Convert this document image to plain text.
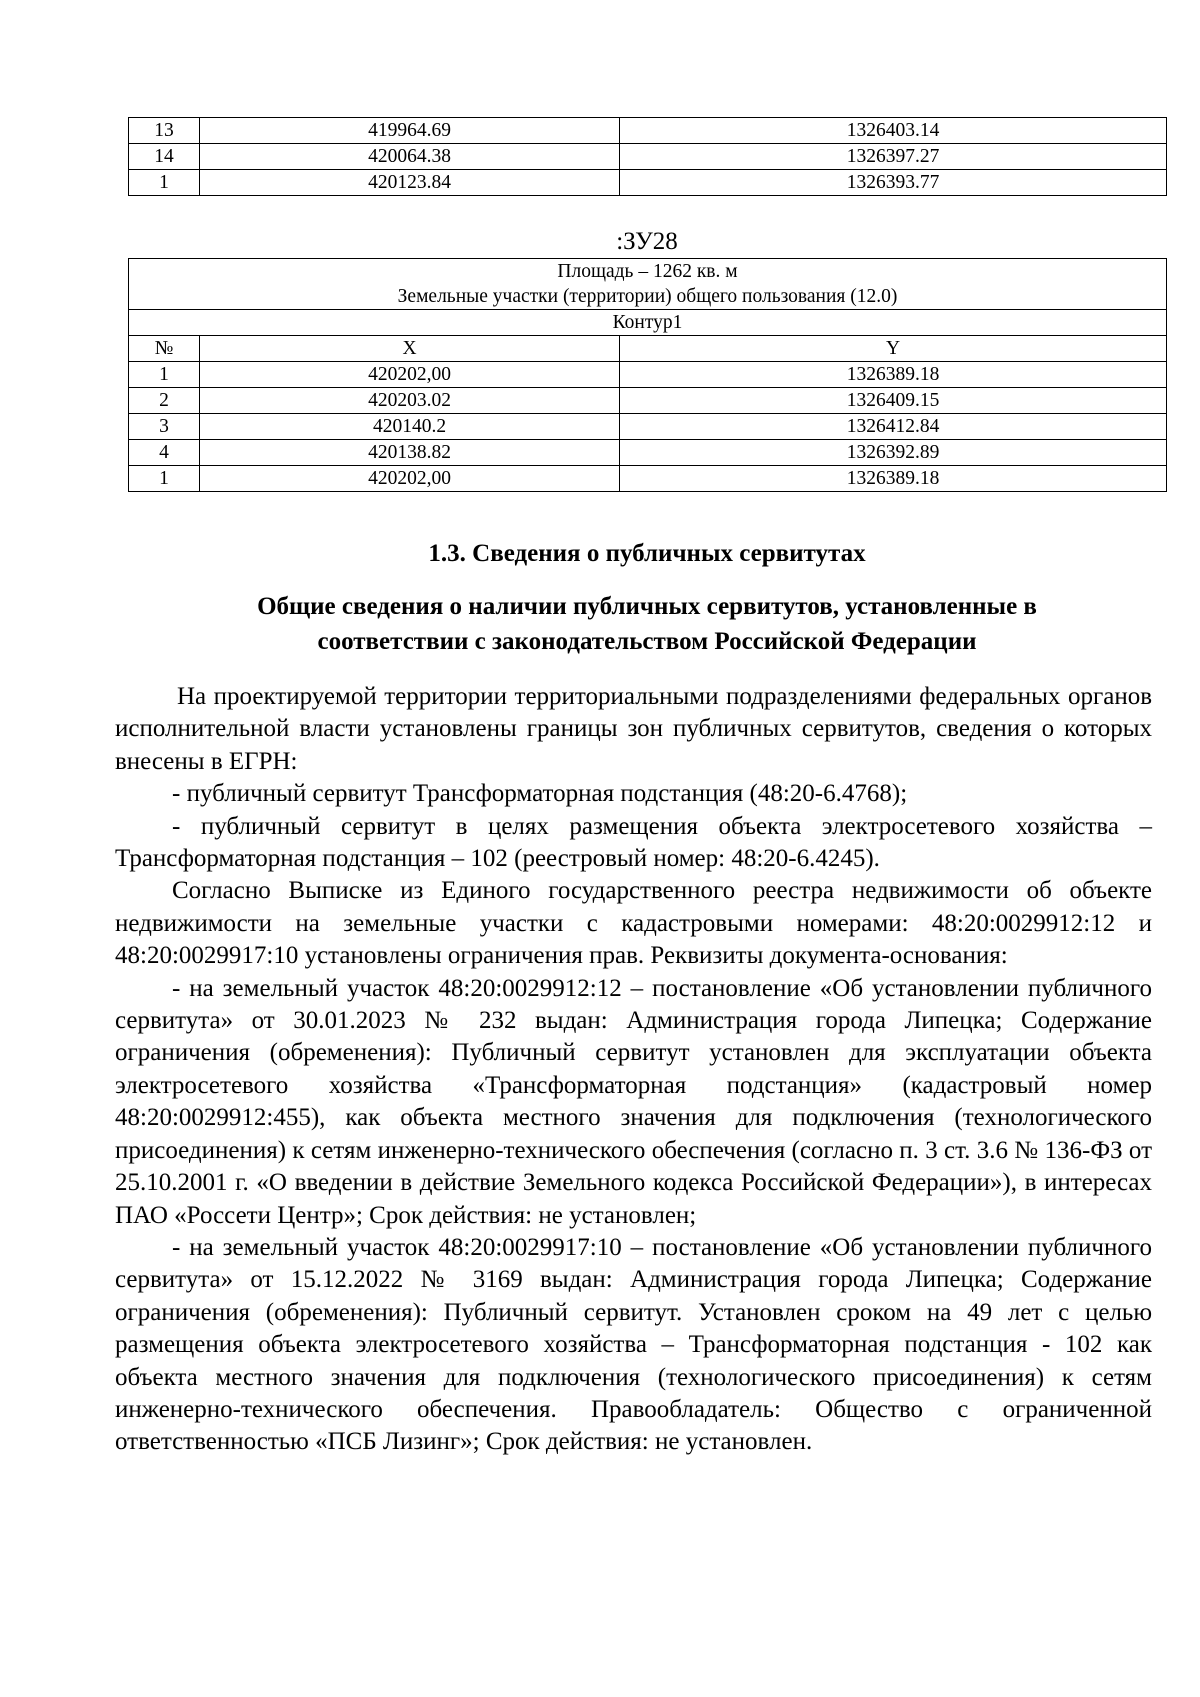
13	419964.69	1326403.14
14	420064.38	1326397.27
1	420123.84	1326393.77
:ЗУ28
Площадь – 1262 кв. м
Земельные участки (территории) общего пользования (12.0)		

Контур1		
№	X	Y
1	420202,00	1326389.18
2	420203.02	1326409.15
3	420140.2	1326412.84
4	420138.82	1326392.89
1	420202,00	1326389.18
1.3. Сведения о публичных сервитутах
Общие сведения о наличии публичных сервитутов, установленные в
соответствии с законодательством Российской Федерации

На проектируемой территории территориальными подразделениями федеральных органов исполнительной власти установлены границы зон публичных сервитутов, сведения о которых внесены в ЕГРН:

- публичный сервитут Трансформаторная подстанция (48:20-6.4768);

- публичный сервитут в целях размещения объекта электросетевого хозяйства – Трансформаторная подстанция – 102 (реестровый номер: 48:20-6.4245).

Согласно Выписке из Единого государственного реестра недвижимости об объекте недвижимости на земельные участки с кадастровыми номерами: 48:20:0029912:12 и 48:20:0029917:10 установлены ограничения прав. Реквизиты документа-основания:

- на земельный участок 48:20:0029912:12 – постановление «Об установлении публичного сервитута» от 30.01.2023 № 232 выдан: Администрация города Липецка; Содержание ограничения (обременения): Публичный сервитут установлен для эксплуатации объекта электросетевого хозяйства «Трансформаторная подстанция» (кадастровый номер 48:20:0029912:455), как объекта местного значения для подключения (технологического присоединения) к сетям инженерно-технического обеспечения (согласно п. 3 ст. 3.6 № 136-ФЗ от 25.10.2001 г. «О введении в действие Земельного кодекса Российской Федерации»), в интересах ПАО «Россети Центр»; Срок действия: не установлен;

- на земельный участок 48:20:0029917:10 – постановление «Об установлении публичного сервитута» от 15.12.2022 № 3169 выдан: Администрация города Липецка; Содержание ограничения (обременения): Публичный сервитут. Установлен сроком на 49 лет с целью размещения объекта электросетевого хозяйства – Трансформаторная подстанция - 102 как объекта местного значения для подключения (технологического присоединения) к сетям инженерно-технического обеспечения. Правообладатель: Общество с ограниченной ответственностью «ПСБ Лизинг»; Срок действия: не установлен.
